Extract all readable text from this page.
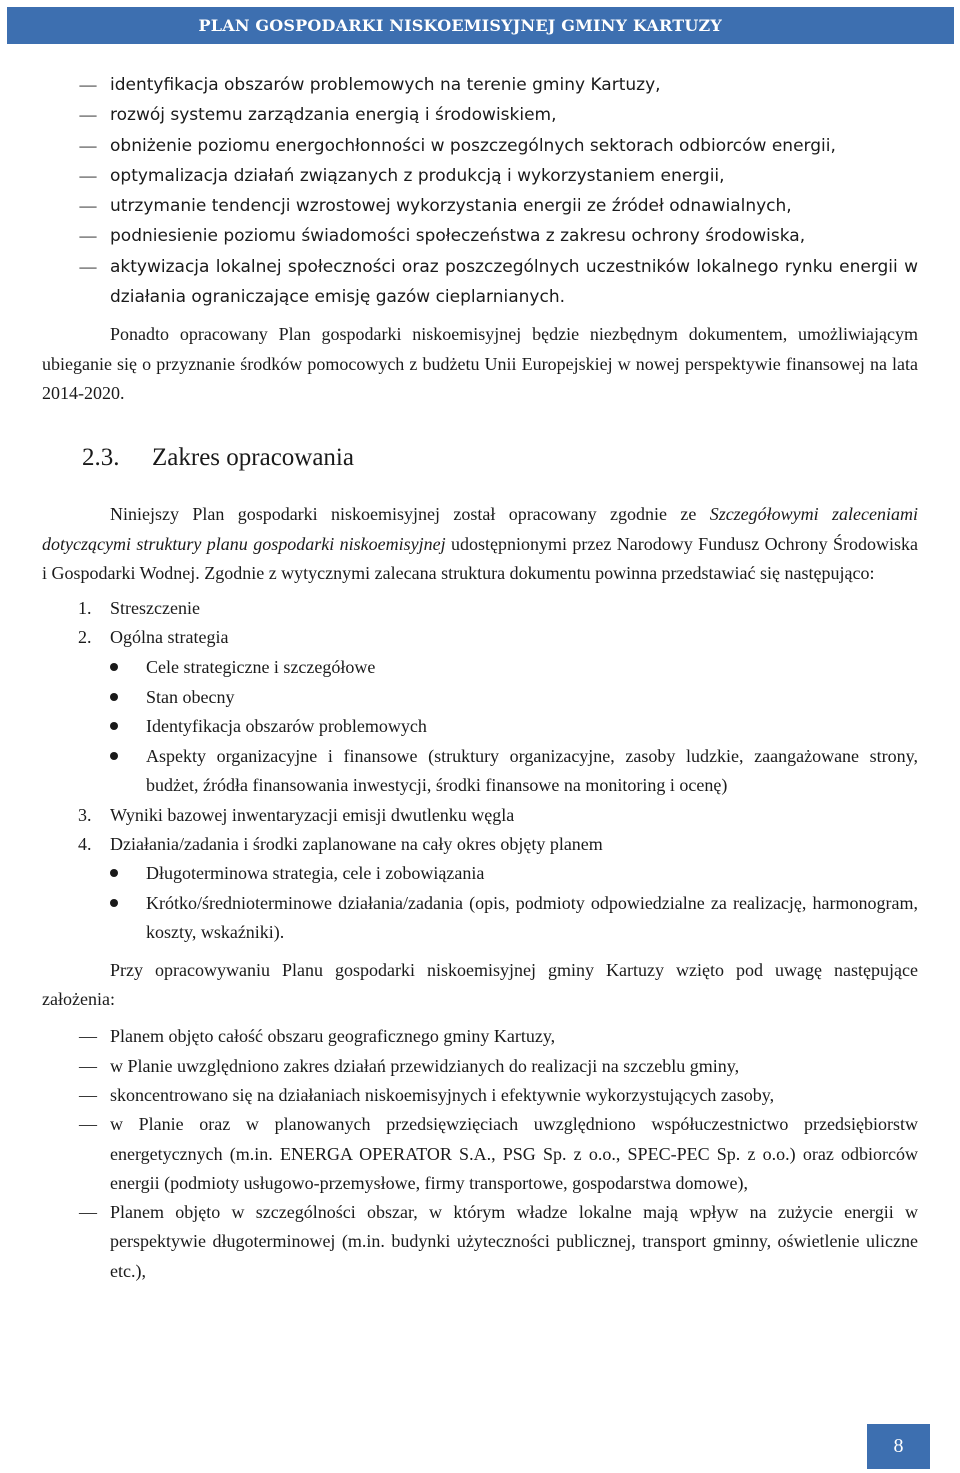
PLAN GOSPODARKI NISKOEMISYJNEJ GMINY KARTUZY
— identyfikacja obszarów problemowych na terenie gminy Kartuzy,
— rozwój systemu zarządzania energią i środowiskiem,
— obniżenie poziomu energochłonności w poszczególnych sektorach odbiorców energii,
— optymalizacja działań związanych z produkcją i wykorzystaniem energii,
— utrzymanie tendencji wzrostowej wykorzystania energii ze źródeł odnawialnych,
— podniesienie poziomu świadomości społeczeństwa z zakresu ochrony środowiska,
— aktywizacja lokalnej społeczności oraz poszczególnych uczestników lokalnego rynku energii w działania ograniczające emisję gazów cieplarnianych.

Ponadto opracowany Plan gospodarki niskoemisyjnej będzie niezbędnym dokumentem, umożliwiającym ubieganie się o przyznanie środków pomocowych z budżetu Unii Europejskiej w nowej perspektywie finansowej na lata 2014-2020.

2.3.	Zakres opracowania

Niniejszy Plan gospodarki niskoemisyjnej został opracowany zgodnie ze Szczegółowymi zaleceniami dotyczącymi struktury planu gospodarki niskoemisyjnej udostępnionymi przez Narodowy Fundusz Ochrony Środowiska i Gospodarki Wodnej. Zgodnie z wytycznymi zalecana struktura dokumentu powinna przedstawiać się następująco:

1. Streszczenie
2. Ogólna strategia
Cele strategiczne i szczegółowe
Stan obecny
Identyfikacja obszarów problemowych
Aspekty organizacyjne i finansowe (struktury organizacyjne, zasoby ludzkie, zaangażowane strony, budżet, źródła finansowania inwestycji, środki finansowe na monitoring i ocenę)
3. Wyniki bazowej inwentaryzacji emisji dwutlenku węgla
4. Działania/zadania i środki zaplanowane na cały okres objęty planem
Długoterminowa strategia, cele i zobowiązania
Krótko/średnioterminowe działania/zadania (opis, podmioty odpowiedzialne za realizację, harmonogram, koszty, wskaźniki).

Przy opracowywaniu Planu gospodarki niskoemisyjnej gminy Kartuzy wzięto pod uwagę następujące założenia:

— Planem objęto całość obszaru geograficznego gminy Kartuzy,
— w Planie uwzględniono zakres działań przewidzianych do realizacji na szczeblu gminy,
— skoncentrowano się na działaniach niskoemisyjnych i efektywnie wykorzystujących zasoby,
— w Planie oraz w planowanych przedsięwzięciach uwzględniono współuczestnictwo przedsiębiorstw energetycznych (m.in. ENERGA OPERATOR S.A., PSG Sp. z o.o., SPEC-PEC Sp. z o.o.) oraz odbiorców energii (podmioty usługowo-przemysłowe, firmy transportowe, gospodarstwa domowe),
— Planem objęto w szczególności obszar, w którym władze lokalne mają wpływ na zużycie energii w perspektywie długoterminowej (m.in. budynki użyteczności publicznej, transport gminny, oświetlenie uliczne etc.),
8
